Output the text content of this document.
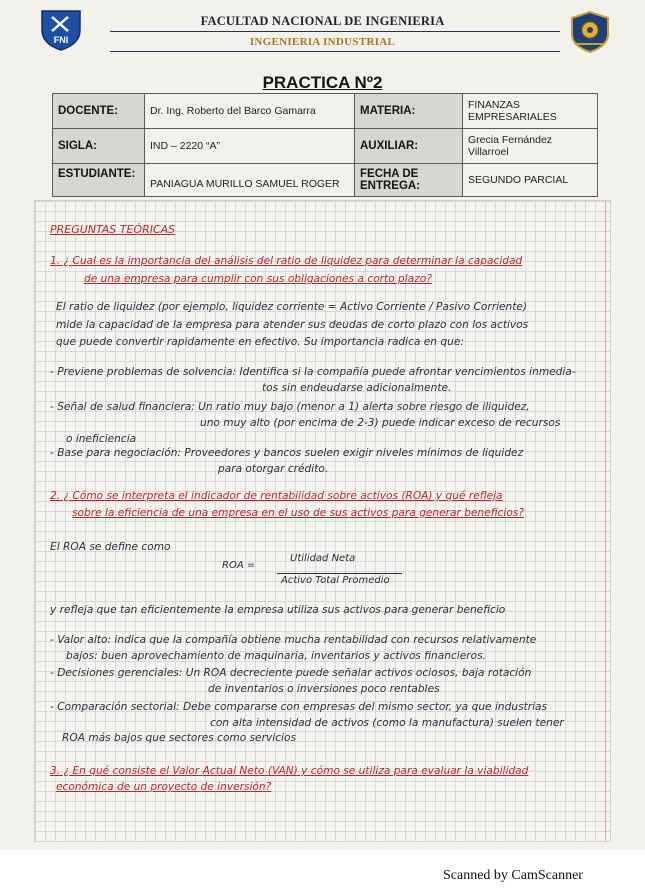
FNI
FACULTAD NACIONAL DE INGENIERIA
INGENIERIA INDUSTRIAL
PRACTICA Nº2
DOCENTE:	Dr. Ing. Roberto del Barco Gamarra	MATERIA:	FINANZAS
EMPRESARIALES
SIGLA:	IND – 2220 “A”	AUXILIAR:	Grecia Fernández
Villarroel
ESTUDIANTE:	PANIAGUA MURILLO SAMUEL ROGER	FECHA DE
ENTREGA:	SEGUNDO PARCIAL
PREGUNTAS TEÓRICAS
1. ¿ Cual es la importancia del análisis del ratio de liquidez para determinar la capacidad
de una empresa para cumplir con sus obligaciones a corto plazo?
El ratio de liquidez (por ejemplo, liquidez corriente = Activo Corriente / Pasivo Corriente)
mide la capacidad de la empresa para atender sus deudas de corto plazo con los activos
que puede convertir rapidamente en efectivo. Su importancia radica en que:
- Previene problemas de solvencia: Identifica si la compañía puede afrontar vencimientos inmedia-
tos sin endeudarse adicionalmente.
- Señal de salud financiera: Un ratio muy bajo (menor a 1) alerta sobre riesgo de iliquidez,
uno muy alto (por encima de 2-3) puede indicar exceso de recursos
o ineficiencia
- Base para negociación: Proveedores y bancos suelen exigir niveles mínimos de liquidez
para otorgar crédito.
2. ¿ Cómo se interpreta el indicador de rentabilidad sobre activos (ROA) y qué refleja
sobre la eficiencia de una empresa en el uso de sus activos para generar beneficios?
El ROA se define como
ROA =
Utilidad Neta
Activo Total Promedio
y refleja que tan eficientemente la empresa utiliza sus activos para generar beneficio
- Valor alto: indica que la compañía obtiene mucha rentabilidad con recursos relativamente
bajos: buen aprovechamiento de maquinaria, inventarios y activos financieros.
- Decisiones gerenciales: Un ROA decreciente puede señalar activos ociosos, baja rotación
de inventarios o inversiones poco rentables
- Comparación sectorial: Debe compararse con empresas del mismo sector, ya que industrias
con alta intensidad de activos (como la manufactura) suelen tener
ROA más bajos que sectores como servicios
3. ¿ En qué consiste el Valor Actual Neto (VAN) y cómo se utiliza para evaluar la viabilidad
económica de un proyecto de inversión?
Scanned by CamScanner
